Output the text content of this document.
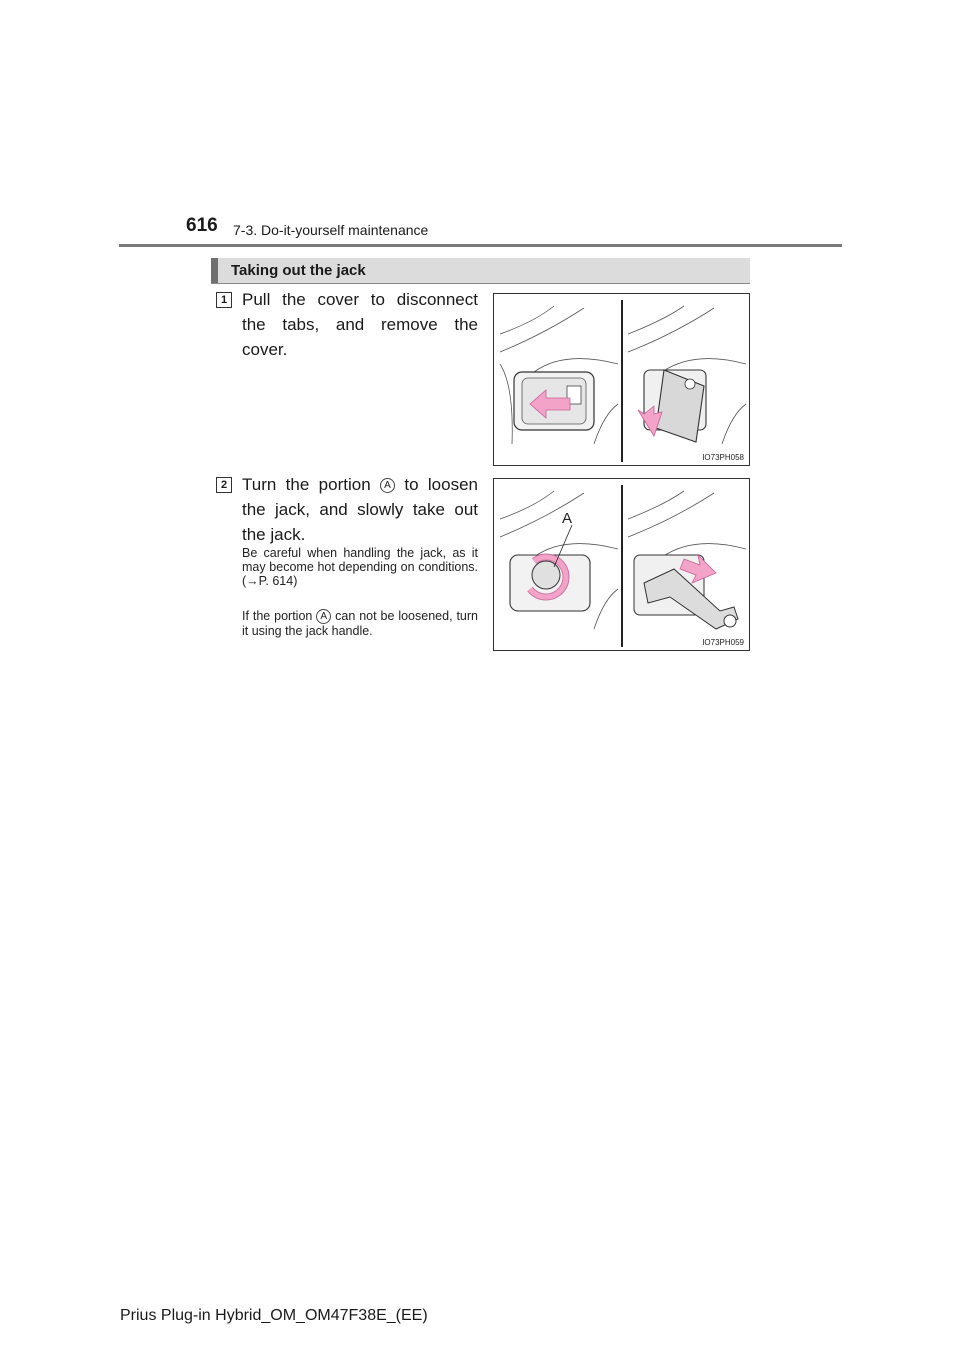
616 7-3. Do-it-yourself maintenance
Taking out the jack
1 Pull the cover to disconnect the tabs, and remove the cover.
IO73PH058
2 Turn the portion A to loosen the jack, and slowly take out the jack.
Be careful when handling the jack, as it may become hot depending on conditions. (→P. 614)
If the portion A can not be loosened, turn it using the jack handle.
A
IO73PH059
Prius Plug-in Hybrid_OM_OM47F38E_(EE)
